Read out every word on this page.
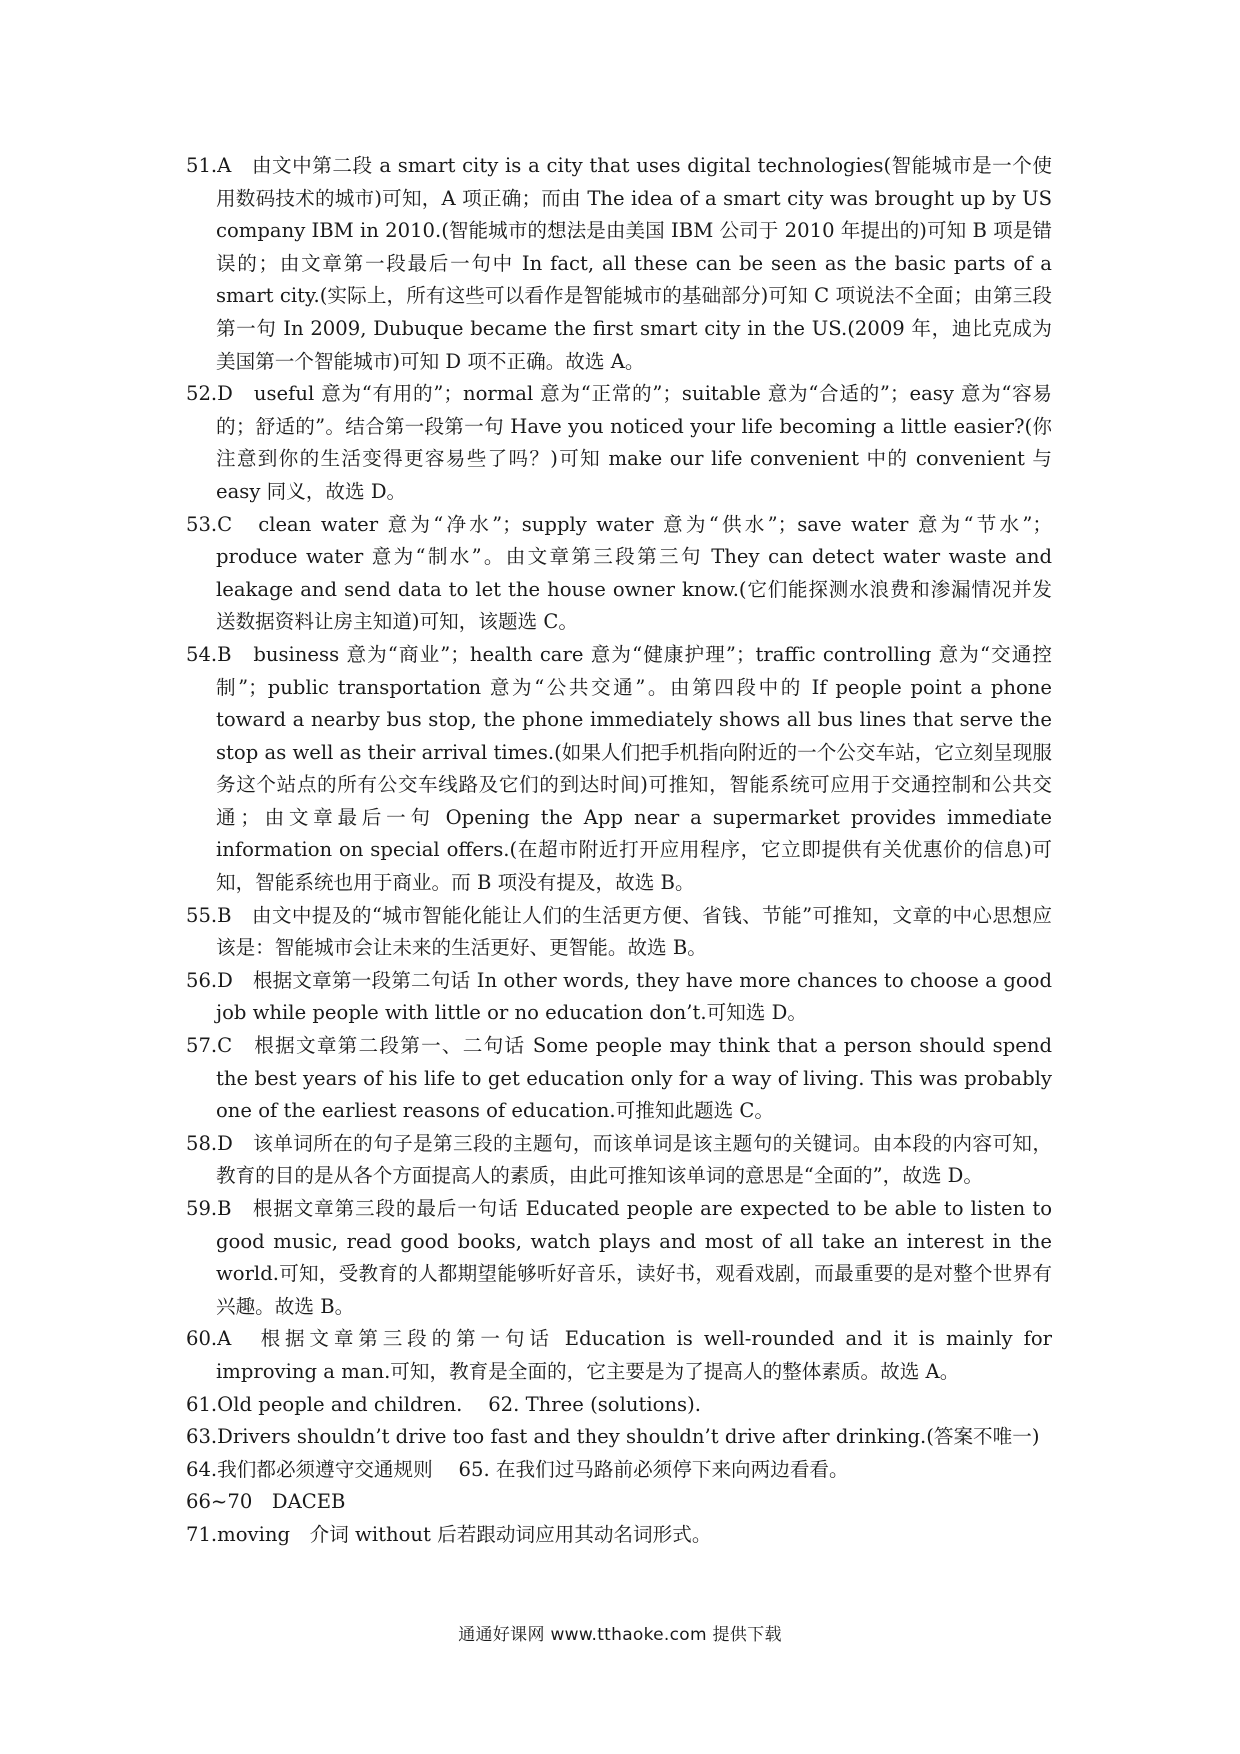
51.A　由文中第二段 a smart city is a city that uses digital technologies(智能城市是一个使用数码技术的城市)可知，A 项正确；而由 The idea of a smart city was brought up by US company IBM in 2010.(智能城市的想法是由美国 IBM 公司于 2010 年提出的)可知 B 项是错误的；由文章第一段最后一句中 In fact, all these can be seen as the basic parts of a smart city.(实际上，所有这些可以看作是智能城市的基础部分)可知 C 项说法不全面；由第三段第一句 In 2009, Dubuque became the first smart city in the US.(2009 年，迪比克成为美国第一个智能城市)可知 D 项不正确。故选 A。

52.D　useful 意为“有用的”；normal 意为“正常的”；suitable 意为“合适的”；easy 意为“容易的；舒适的”。结合第一段第一句 Have you noticed your life becoming a little easier?(你注意到你的生活变得更容易些了吗？)可知 make our life convenient 中的 convenient 与 easy 同义，故选 D。

53.C　clean water 意为“净水”；supply water 意为“供水”；save water 意为“节水”；produce water 意为“制水”。由文章第三段第三句 They can detect water waste and leakage and send data to let the house owner know.(它们能探测水浪费和渗漏情况并发送数据资料让房主知道)可知，该题选 C。

54.B　business 意为“商业”；health care 意为“健康护理”；traffic controlling 意为“交通控制”；public transportation 意为“公共交通”。由第四段中的 If people point a phone toward a nearby bus stop, the phone immediately shows all bus lines that serve the stop as well as their arrival times.(如果人们把手机指向附近的一个公交车站，它立刻呈现服务这个站点的所有公交车线路及它们的到达时间)可推知，智能系统可应用于交通控制和公共交通；由文章最后一句 Opening the App near a supermarket provides immediate information on special offers.(在超市附近打开应用程序，它立即提供有关优惠价的信息)可知，智能系统也用于商业。而 B 项没有提及，故选 B。

55.B　由文中提及的“城市智能化能让人们的生活更方便、省钱、节能”可推知，文章的中心思想应该是：智能城市会让未来的生活更好、更智能。故选 B。

56.D　根据文章第一段第二句话 In other words, they have more chances to choose a good job while people with little or no education don’t.可知选 D。

57.C　根据文章第二段第一、二句话 Some people may think that a person should spend the best years of his life to get education only for a way of living. This was probably one of the earliest reasons of education.可推知此题选 C。

58.D　该单词所在的句子是第三段的主题句，而该单词是该主题句的关键词。由本段的内容可知，教育的目的是从各个方面提高人的素质，由此可推知该单词的意思是“全面的”，故选 D。

59.B　根据文章第三段的最后一句话 Educated people are expected to be able to listen to good music, read good books, watch plays and most of all take an interest in the world.可知，受教育的人都期望能够听好音乐，读好书，观看戏剧，而最重要的是对整个世界有兴趣。故选 B。

60.A　根据文章第三段的第一句话 Education is well-rounded and it is mainly for improving a man.可知，教育是全面的，它主要是为了提高人的整体素质。故选 A。

61.Old people and children.　 62. Three (solutions).

63.Drivers shouldn’t drive too fast and they shouldn’t drive after drinking.(答案不唯一)

64.我们都必须遵守交通规则　 65. 在我们过马路前必须停下来向两边看看。

66~70　DACEB

71.moving　介词 without 后若跟动词应用其动名词形式。

通通好课网 www.tthaoke.com 提供下载
